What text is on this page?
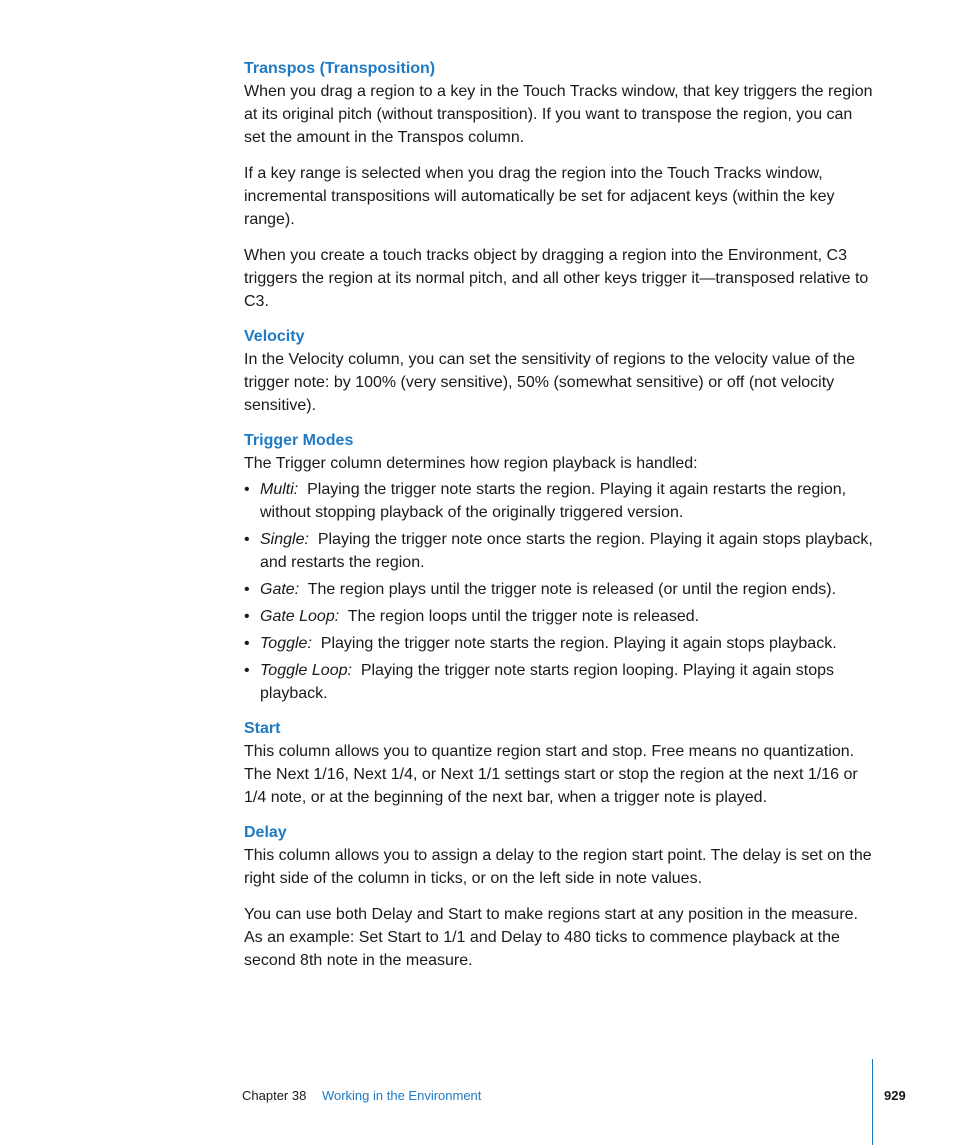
Transpos (Transposition)

When you drag a region to a key in the Touch Tracks window, that key triggers the region at its original pitch (without transposition). If you want to transpose the region, you can set the amount in the Transpos column.

If a key range is selected when you drag the region into the Touch Tracks window, incremental transpositions will automatically be set for adjacent keys (within the key range).

When you create a touch tracks object by dragging a region into the Environment, C3 triggers the region at its normal pitch, and all other keys trigger it—transposed relative to C3.

Velocity

In the Velocity column, you can set the sensitivity of regions to the velocity value of the trigger note: by 100% (very sensitive), 50% (somewhat sensitive) or off (not velocity sensitive).

Trigger Modes

The Trigger column determines how region playback is handled:

• Multi: Playing the trigger note starts the region. Playing it again restarts the region, without stopping playback of the originally triggered version.
• Single: Playing the trigger note once starts the region. Playing it again stops playback, and restarts the region.
• Gate: The region plays until the trigger note is released (or until the region ends).
• Gate Loop: The region loops until the trigger note is released.
• Toggle: Playing the trigger note starts the region. Playing it again stops playback.
• Toggle Loop: Playing the trigger note starts region looping. Playing it again stops playback.
Start

This column allows you to quantize region start and stop. Free means no quantization. The Next 1/16, Next 1/4, or Next 1/1 settings start or stop the region at the next 1/16 or 1/4 note, or at the beginning of the next bar, when a trigger note is played.

Delay

This column allows you to assign a delay to the region start point. The delay is set on the right side of the column in ticks, or on the left side in note values.

You can use both Delay and Start to make regions start at any position in the measure. As an example: Set Start to 1/1 and Delay to 480 ticks to commence playback at the second 8th note in the measure.

Chapter 38 Working in the Environment	929
